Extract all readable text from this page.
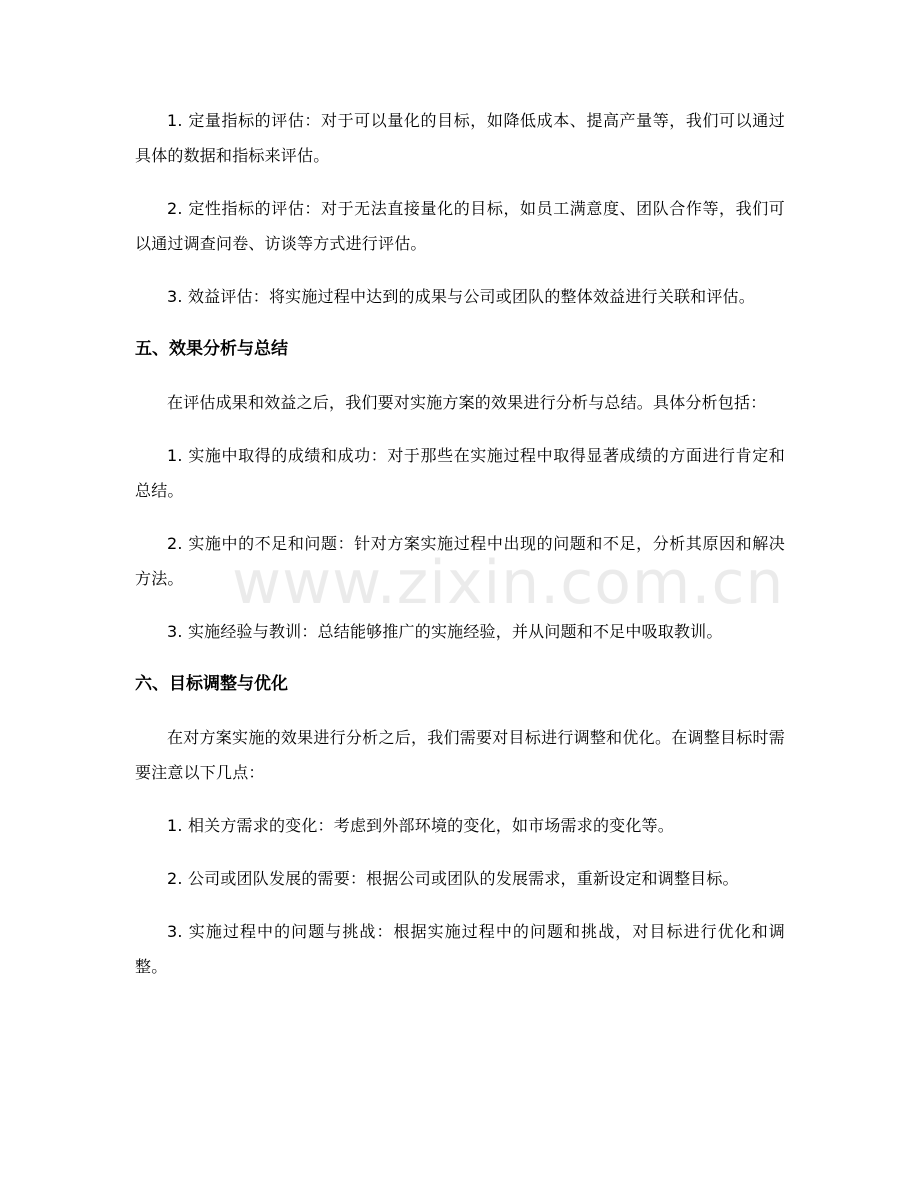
1. 定量指标的评估：对于可以量化的目标，如降低成本、提高产量等，我们可以通过具体的数据和指标来评估。

2. 定性指标的评估：对于无法直接量化的目标，如员工满意度、团队合作等，我们可以通过调查问卷、访谈等方式进行评估。

3. 效益评估：将实施过程中达到的成果与公司或团队的整体效益进行关联和评估。

五、效果分析与总结

在评估成果和效益之后，我们要对实施方案的效果进行分析与总结。具体分析包括：

1. 实施中取得的成绩和成功：对于那些在实施过程中取得显著成绩的方面进行肯定和总结。

2. 实施中的不足和问题：针对方案实施过程中出现的问题和不足，分析其原因和解决方法。

3. 实施经验与教训：总结能够推广的实施经验，并从问题和不足中吸取教训。

六、目标调整与优化

在对方案实施的效果进行分析之后，我们需要对目标进行调整和优化。在调整目标时需要注意以下几点：

1. 相关方需求的变化：考虑到外部环境的变化，如市场需求的变化等。

2. 公司或团队发展的需要：根据公司或团队的发展需求，重新设定和调整目标。

3. 实施过程中的问题与挑战：根据实施过程中的问题和挑战，对目标进行优化和调整。

www.zixin.com.cn
